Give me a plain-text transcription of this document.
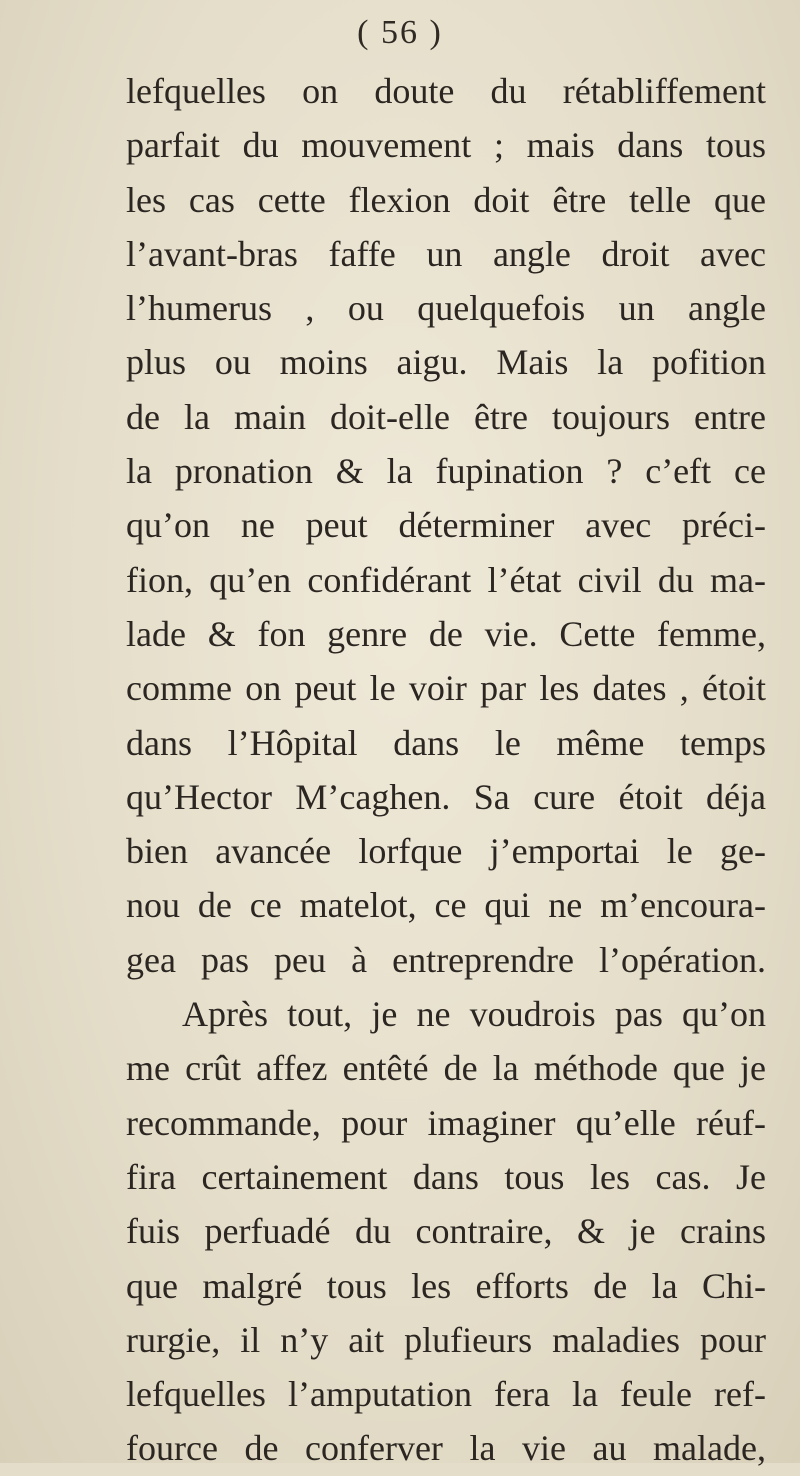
( 56 )
lefquelles on doute du rétabliffement
parfait du mouvement ; mais dans tous
les cas cette flexion doit être telle que
l’avant-bras faffe un angle droit avec
l’humerus , ou quelquefois un angle
plus ou moins aigu. Mais la pofition
de la main doit-elle être toujours entre
la pronation & la fupination ? c’eft ce
qu’on ne peut déterminer avec préci-
fion, qu’en confidérant l’état civil du ma-
lade & fon genre de vie. Cette femme,
comme on peut le voir par les dates , étoit
dans l’Hôpital dans le même temps
qu’Hector M’caghen. Sa cure étoit déja
bien avancée lorfque j’emportai le ge-
nou de ce matelot, ce qui ne m’encoura-
gea pas peu à entreprendre l’opération.
Après tout, je ne voudrois pas qu’on
me crût affez entêté de la méthode que je
recommande, pour imaginer qu’elle réuf-
fira certainement dans tous les cas. Je
fuis perfuadé du contraire, & je crains
que malgré tous les efforts de la Chi-
rurgie, il n’y ait plufieurs maladies pour
lefquelles l’amputation fera la feule ref-
fource de conferver la vie au malade,
